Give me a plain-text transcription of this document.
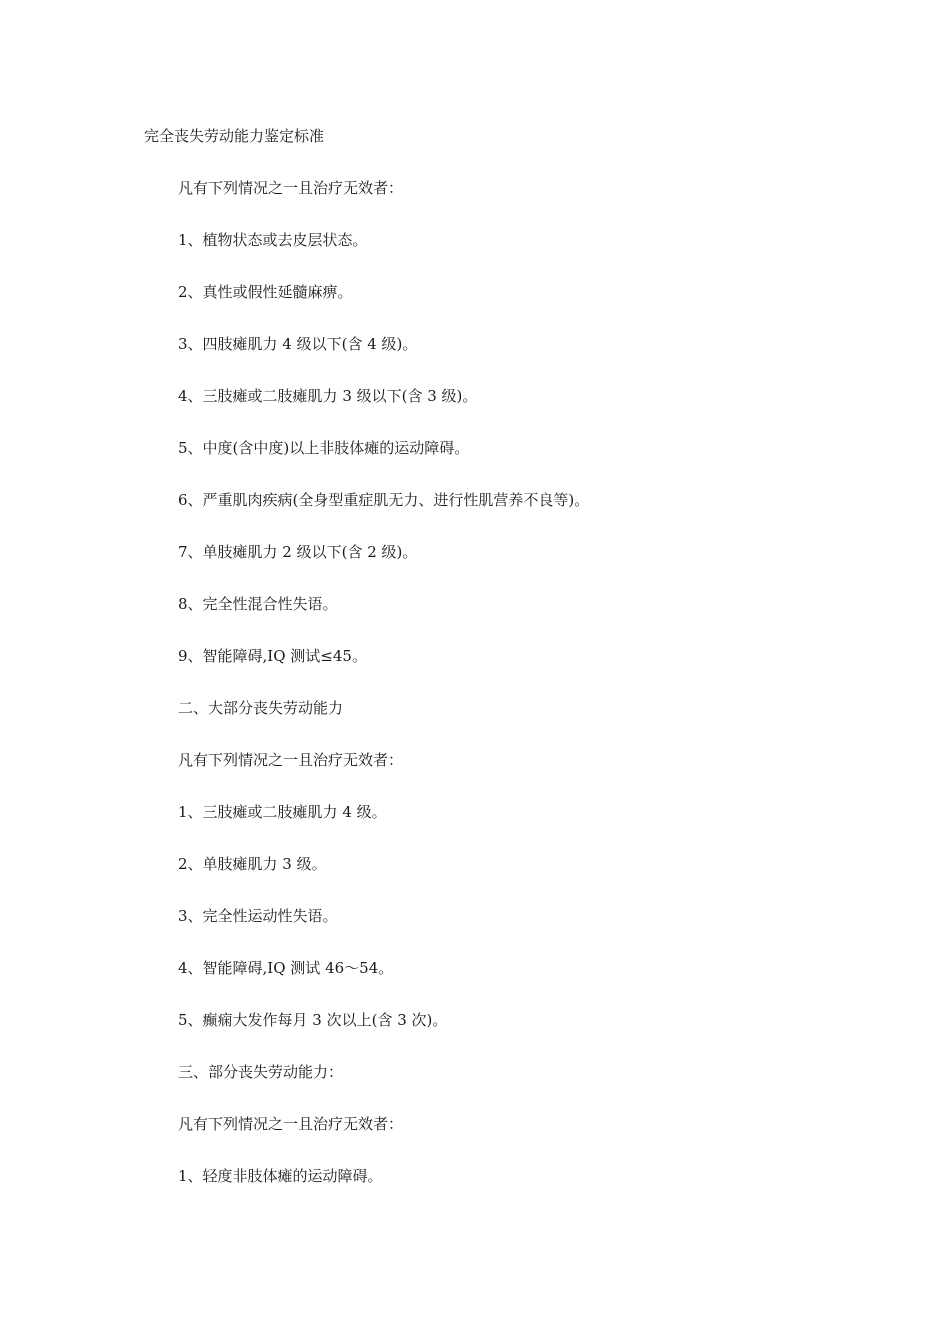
完全丧失劳动能力鉴定标准
凡有下列情况之一且治疗无效者：
1、植物状态或去皮层状态。
2、真性或假性延髓麻痹。
3、四肢瘫肌力 4 级以下(含 4 级)。
4、三肢瘫或二肢瘫肌力 3 级以下(含 3 级)。
5、中度(含中度)以上非肢体瘫的运动障碍。
6、严重肌肉疾病(全身型重症肌无力、进行性肌营养不良等)。
7、单肢瘫肌力 2 级以下(含 2 级)。
8、完全性混合性失语。
9、智能障碍,IQ 测试≤45。
二、大部分丧失劳动能力
凡有下列情况之一且治疗无效者：
1、三肢瘫或二肢瘫肌力 4 级。
2、单肢瘫肌力 3 级。
3、完全性运动性失语。
4、智能障碍,IQ 测试 46～54。
5、癫痫大发作每月 3 次以上(含 3 次)。
三、部分丧失劳动能力：
凡有下列情况之一且治疗无效者：
1、轻度非肢体瘫的运动障碍。
